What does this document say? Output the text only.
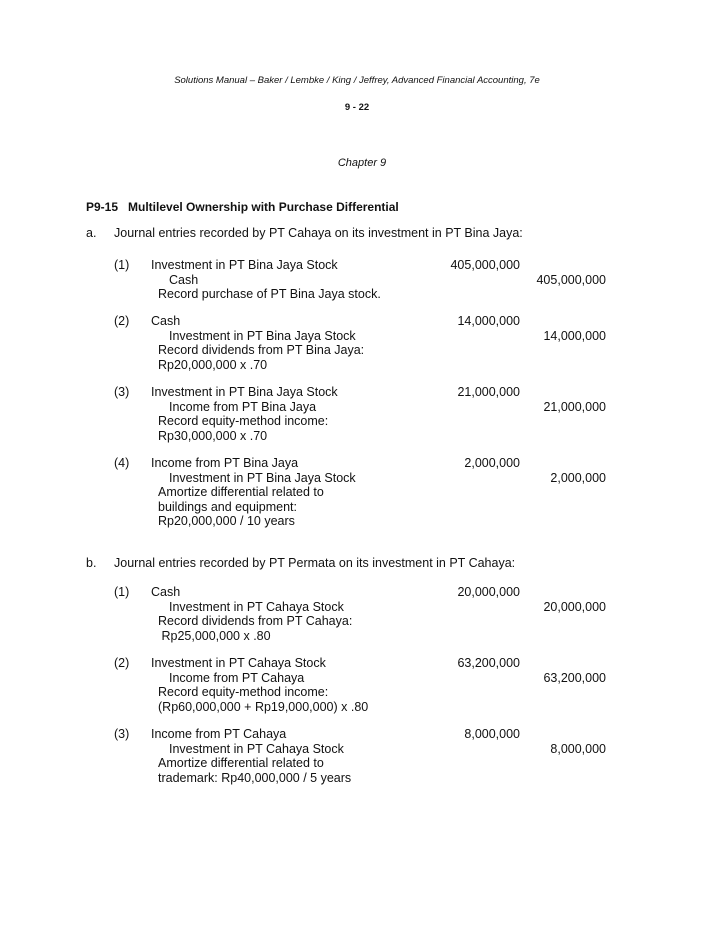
Solutions Manual – Baker / Lembke / King / Jeffrey, Advanced Financial Accounting, 7e
9 - 22
Chapter 9
P9-15   Multilevel Ownership with Purchase Differential
a. Journal entries recorded by PT Cahaya on its investment in PT Bina Jaya:
(1) Investment in PT Bina Jaya Stock	405,000,000
Cash	405,000,000
Record purchase of PT Bina Jaya stock.
(2) Cash	14,000,000
Investment in PT Bina Jaya Stock	14,000,000
Record dividends from PT Bina Jaya:
Rp20,000,000 x .70
(3) Investment in PT Bina Jaya Stock	21,000,000
Income from PT Bina Jaya	21,000,000
Record equity-method income:
Rp30,000,000 x .70
(4) Income from PT Bina Jaya	2,000,000
Investment in PT Bina Jaya Stock	2,000,000
Amortize differential related to
buildings and equipment:
Rp20,000,000 / 10 years
b. Journal entries recorded by PT Permata on its investment in PT Cahaya:
(1) Cash	20,000,000
Investment in PT Cahaya Stock	20,000,000
Record dividends from PT Cahaya:
Rp25,000,000 x .80
(2) Investment in PT Cahaya Stock	63,200,000
Income from PT Cahaya	63,200,000
Record equity-method income:
(Rp60,000,000 + Rp19,000,000) x .80
(3) Income from PT Cahaya	8,000,000
Investment in PT Cahaya Stock	8,000,000
Amortize differential related to
trademark: Rp40,000,000 / 5 years
